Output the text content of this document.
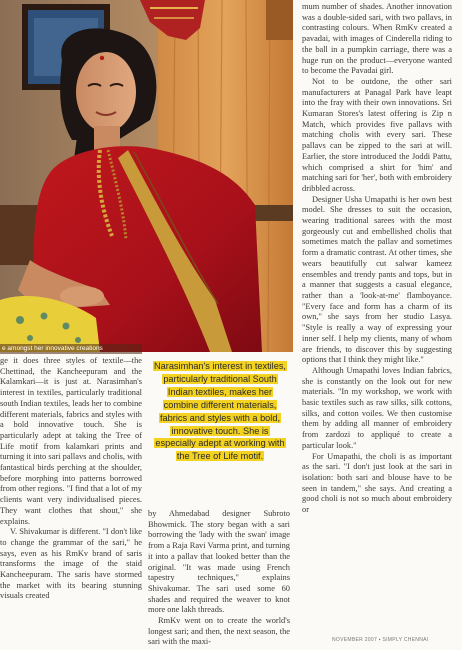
e amongst her innovative creations

ge it does three styles of textile—the Chettinad, the Kancheepuram and the Kalamkari—it is just at. Narasimhan's interest in textiles, particularly traditional south Indian textiles, leads her to combine different materials, fabrics and styles with a bold innovative touch. She is particularly adept at taking the Tree of Life motif from kalamkari prints and turning it into sari pallavs and cholis, with fantastical birds perching at the shoulder, before morphing into patterns borrowed from other regions. "I find that a lot of my clients want very individualised pieces. They want clothes that shout," she explains.

V. Shivakumar is different. "I don't like to change the grammar of the sari," he says, even as his RmKv brand of saris transforms the image of the staid Kancheepuram. The saris have stormed the market with its bearing stunning visuals created

Narasimhan's interest in textiles, particularly traditional South Indian textiles, makes her combine different materials, fabrics and styles with a bold, innovative touch. She is especially adept at working with the Tree of Life motif.

by Ahmedabad designer Subroto Bhowmick. The story began with a sari borrowing the 'lady with the swan' image from a Raja Ravi Varma print, and turning it into a pallav that looked better than the original. "It was made using French tapestry techniques," explains Shivakumar. The sari used some 60 shades and required the weaver to knot more one lakh threads.

RmKv went on to create the world's longest sari; and then, the next season, the sari with the maxi-

mum number of shades. Another innovation was a double-sided sari, with two pallavs, in contrasting colours. When RmKv created a pavadai, with images of Cinderella riding to the ball in a pumpkin carriage, there was a huge run on the product—everyone wanted to become the Pavadai girl.

Not to be outdone, the other sari manufacturers at Panagal Park have leapt into the fray with their own innovations. Sri Kumaran Stores's latest offering is Zip n Match, which provides five pallavs with matching cholis with every sari. These pallavs can be zipped to the sari at will. Earlier, the store introduced the Joddi Pattu, which comprised a shirt for 'him' and matching sari for 'her', both with embroidery dribbled across.

Designer Usha Umapathi is her own best model. She dresses to suit the occasion, wearing traditional sarees with the most gorgeously cut and embellished cholis that sometimes match the pallav and sometimes form a dramatic contrast. At other times, she wears beautifully cut salwar kameez ensembles and trendy pants and tops, but in a manner that suggests a casual elegance, rather than a 'look-at-me' flamboyance. "Every face and form has a charm of its own," she says from her studio Lasya. "Style is really a way of expressing your inner self. I help my clients, many of whom are friends, to discover this by suggesting options that I think they might like."

Although Umapathi loves Indian fabrics, she is constantly on the look out for new materials. "In my workshop, we work with basic textiles such as raw silks, silk cottons, silks, and cotton voiles. We then customise them by adding all manner of embroidery from zardozi to appliqué to create a particular look."

For Umapathi, the choli is as important as the sari. "I don't just look at the sari in isolation: both sari and blouse have to be seen in tandem," she says. And creating a good choli is not so much about embroidery or

NOVEMBER 2007 ▪ SIMPLY CHENNAI
